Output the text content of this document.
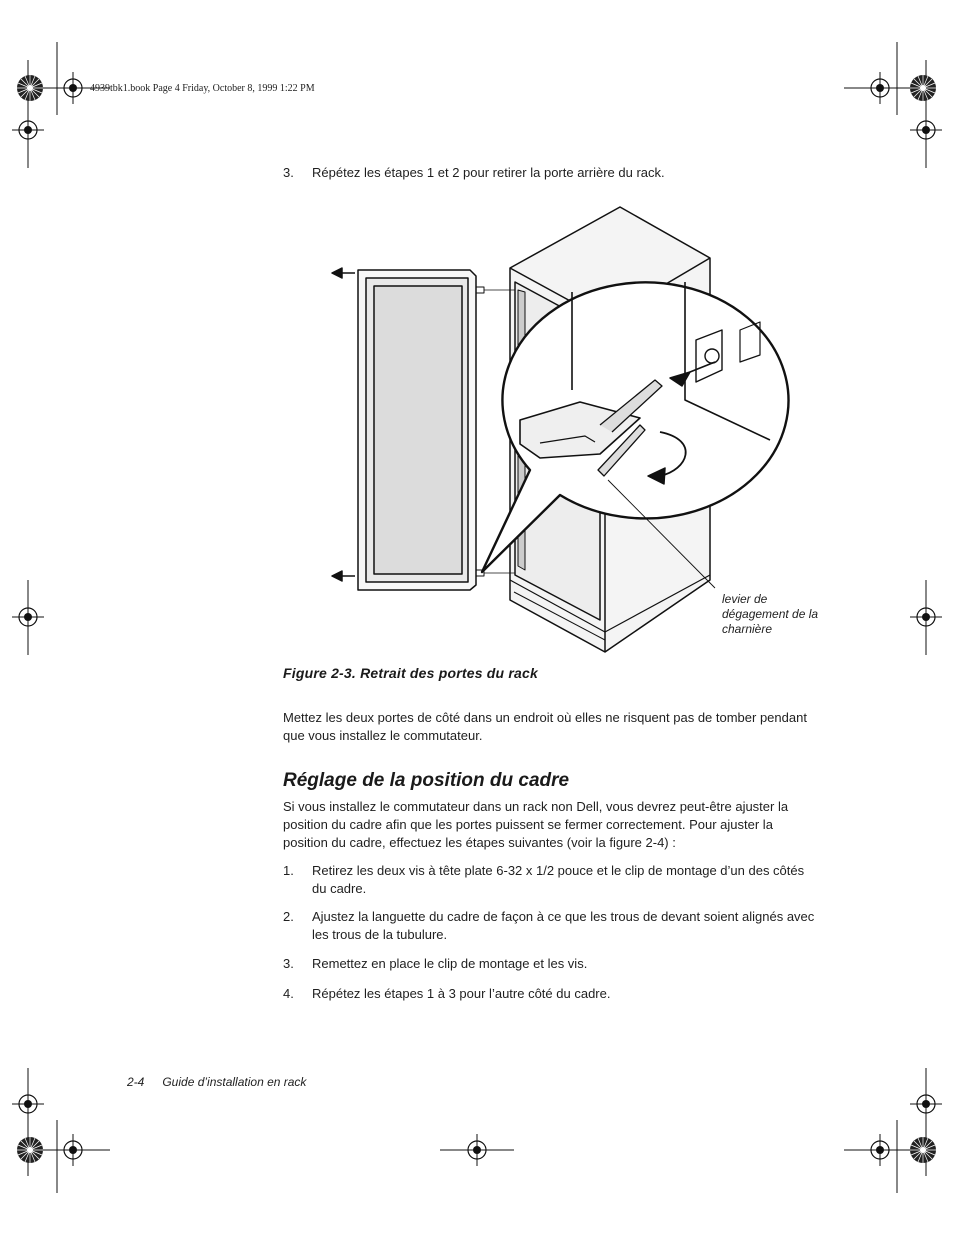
4939tbk1.book Page 4 Friday, October 8, 1999 1:22 PM
3. Répétez les étapes 1 et 2 pour retirer la porte arrière du rack.
levier de dégagement de la charnière
Figure 2-3. Retrait des portes du rack
Mettez les deux portes de côté dans un endroit où elles ne risquent pas de tomber pendant que vous installez le commutateur.
Réglage de la position du cadre
Si vous installez le commutateur dans un rack non Dell, vous devrez peut-être ajuster la position du cadre afin que les portes puissent se fermer correctement. Pour ajuster la position du cadre, effectuez les étapes suivantes (voir la figure 2-4) :
1. Retirez les deux vis à tête plate 6-32 x 1/2 pouce et le clip de montage d’un des côtés du cadre.
2. Ajustez la languette du cadre de façon à ce que les trous de devant soient alignés avec les trous de la tubulure.
3. Remettez en place le clip de montage et les vis.
4. Répétez les étapes 1 à 3 pour l’autre côté du cadre.
2-4 Guide d’installation en rack
